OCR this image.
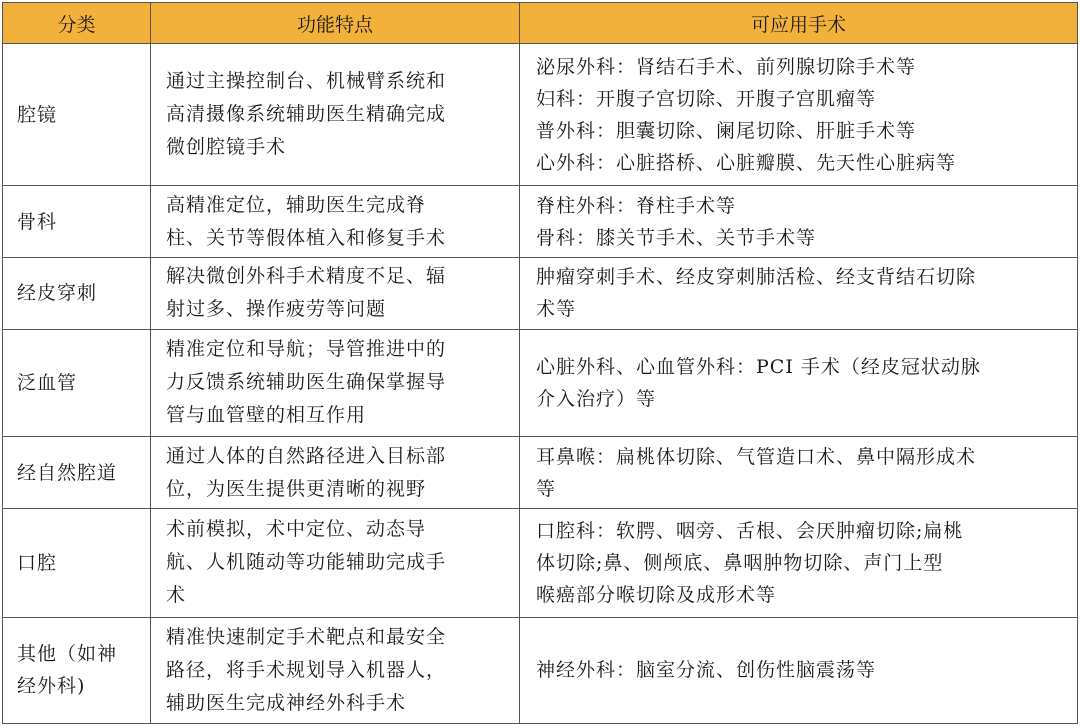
分类	功能特点	可应用手术

腔镜	通过主操控制台、机械臂系统和
高清摄像系统辅助医生精确完成
微创腔镜手术	泌尿外科：肾结石手术、前列腺切除手术等
妇科：开腹子宫切除、开腹子宫肌瘤等
普外科：胆囊切除、阑尾切除、肝脏手术等
心外科：心脏搭桥、心脏瓣膜、先天性心脏病等

骨科	高精准定位，辅助医生完成脊
柱、关节等假体植入和修复手术	脊柱外科：脊柱手术等
骨科：膝关节手术、关节手术等

经皮穿刺	解决微创外科手术精度不足、辐
射过多、操作疲劳等问题	肿瘤穿刺手术、经皮穿刺肺活检、经支背结石切除
术等

泛血管	精准定位和导航；导管推进中的
力反馈系统辅助医生确保掌握导
管与血管壁的相互作用	心脏外科、心血管外科：PCI 手术（经皮冠状动脉
介入治疗）等

经自然腔道	通过人体的自然路径进入目标部
位，为医生提供更清晰的视野	耳鼻喉：扁桃体切除、气管造口术、鼻中隔形成术
等

口腔	术前模拟，术中定位、动态导
航、人机随动等功能辅助完成手
术	口腔科：软腭、咽旁、舌根、会厌肿瘤切除;扁桃
体切除;鼻、侧颅底、鼻咽肿物切除、声门上型
喉癌部分喉切除及成形术等

其他（如神
经外科)	精准快速制定手术靶点和最安全
路径，将手术规划导入机器人，
辅助医生完成神经外科手术	神经外科：脑室分流、创伤性脑震荡等
